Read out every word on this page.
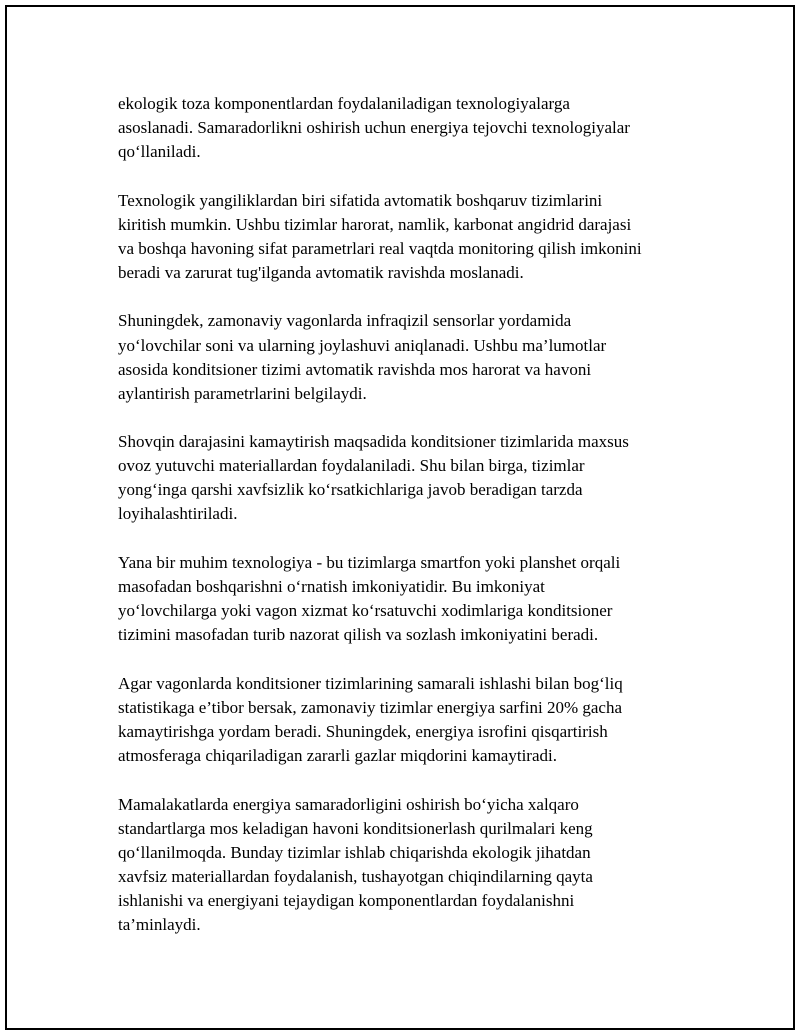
ekologik toza komponentlardan foydalaniladigan texnologiyalarga
asoslanadi. Samaradorlikni oshirish uchun energiya tejovchi texnologiyalar
qo‘llaniladi.

Texnologik yangiliklardan biri sifatida avtomatik boshqaruv tizimlarini
kiritish mumkin. Ushbu tizimlar harorat, namlik, karbonat angidrid darajasi
va boshqa havoning sifat parametrlari real vaqtda monitoring qilish imkonini
beradi va zarurat tug'ilganda avtomatik ravishda moslanadi.

Shuningdek, zamonaviy vagonlarda infraqizil sensorlar yordamida
yo‘lovchilar soni va ularning joylashuvi aniqlanadi. Ushbu ma’lumotlar
asosida konditsioner tizimi avtomatik ravishda mos harorat va havoni
aylantirish parametrlarini belgilaydi.

Shovqin darajasini kamaytirish maqsadida konditsioner tizimlarida maxsus
ovoz yutuvchi materiallardan foydalaniladi. Shu bilan birga, tizimlar
yong‘inga qarshi xavfsizlik ko‘rsatkichlariga javob beradigan tarzda
loyihalashtiriladi.

Yana bir muhim texnologiya - bu tizimlarga smartfon yoki planshet orqali
masofadan boshqarishni o‘rnatish imkoniyatidir. Bu imkoniyat
yo‘lovchilarga yoki vagon xizmat ko‘rsatuvchi xodimlariga konditsioner
tizimini masofadan turib nazorat qilish va sozlash imkoniyatini beradi.

Agar vagonlarda konditsioner tizimlarining samarali ishlashi bilan bog‘liq
statistikaga e’tibor bersak, zamonaviy tizimlar energiya sarfini 20% gacha
kamaytirishga yordam beradi. Shuningdek, energiya isrofini qisqartirish
atmosferaga chiqariladigan zararli gazlar miqdorini kamaytiradi.

Mamalakatlarda energiya samaradorligini oshirish bo‘yicha xalqaro
standartlarga mos keladigan havoni konditsionerlash qurilmalari keng
qo‘llanilmoqda. Bunday tizimlar ishlab chiqarishda ekologik jihatdan
xavfsiz materiallardan foydalanish, tushayotgan chiqindilarning qayta
ishlanishi va energiyani tejaydigan komponentlardan foydalanishni
ta’minlaydi.
